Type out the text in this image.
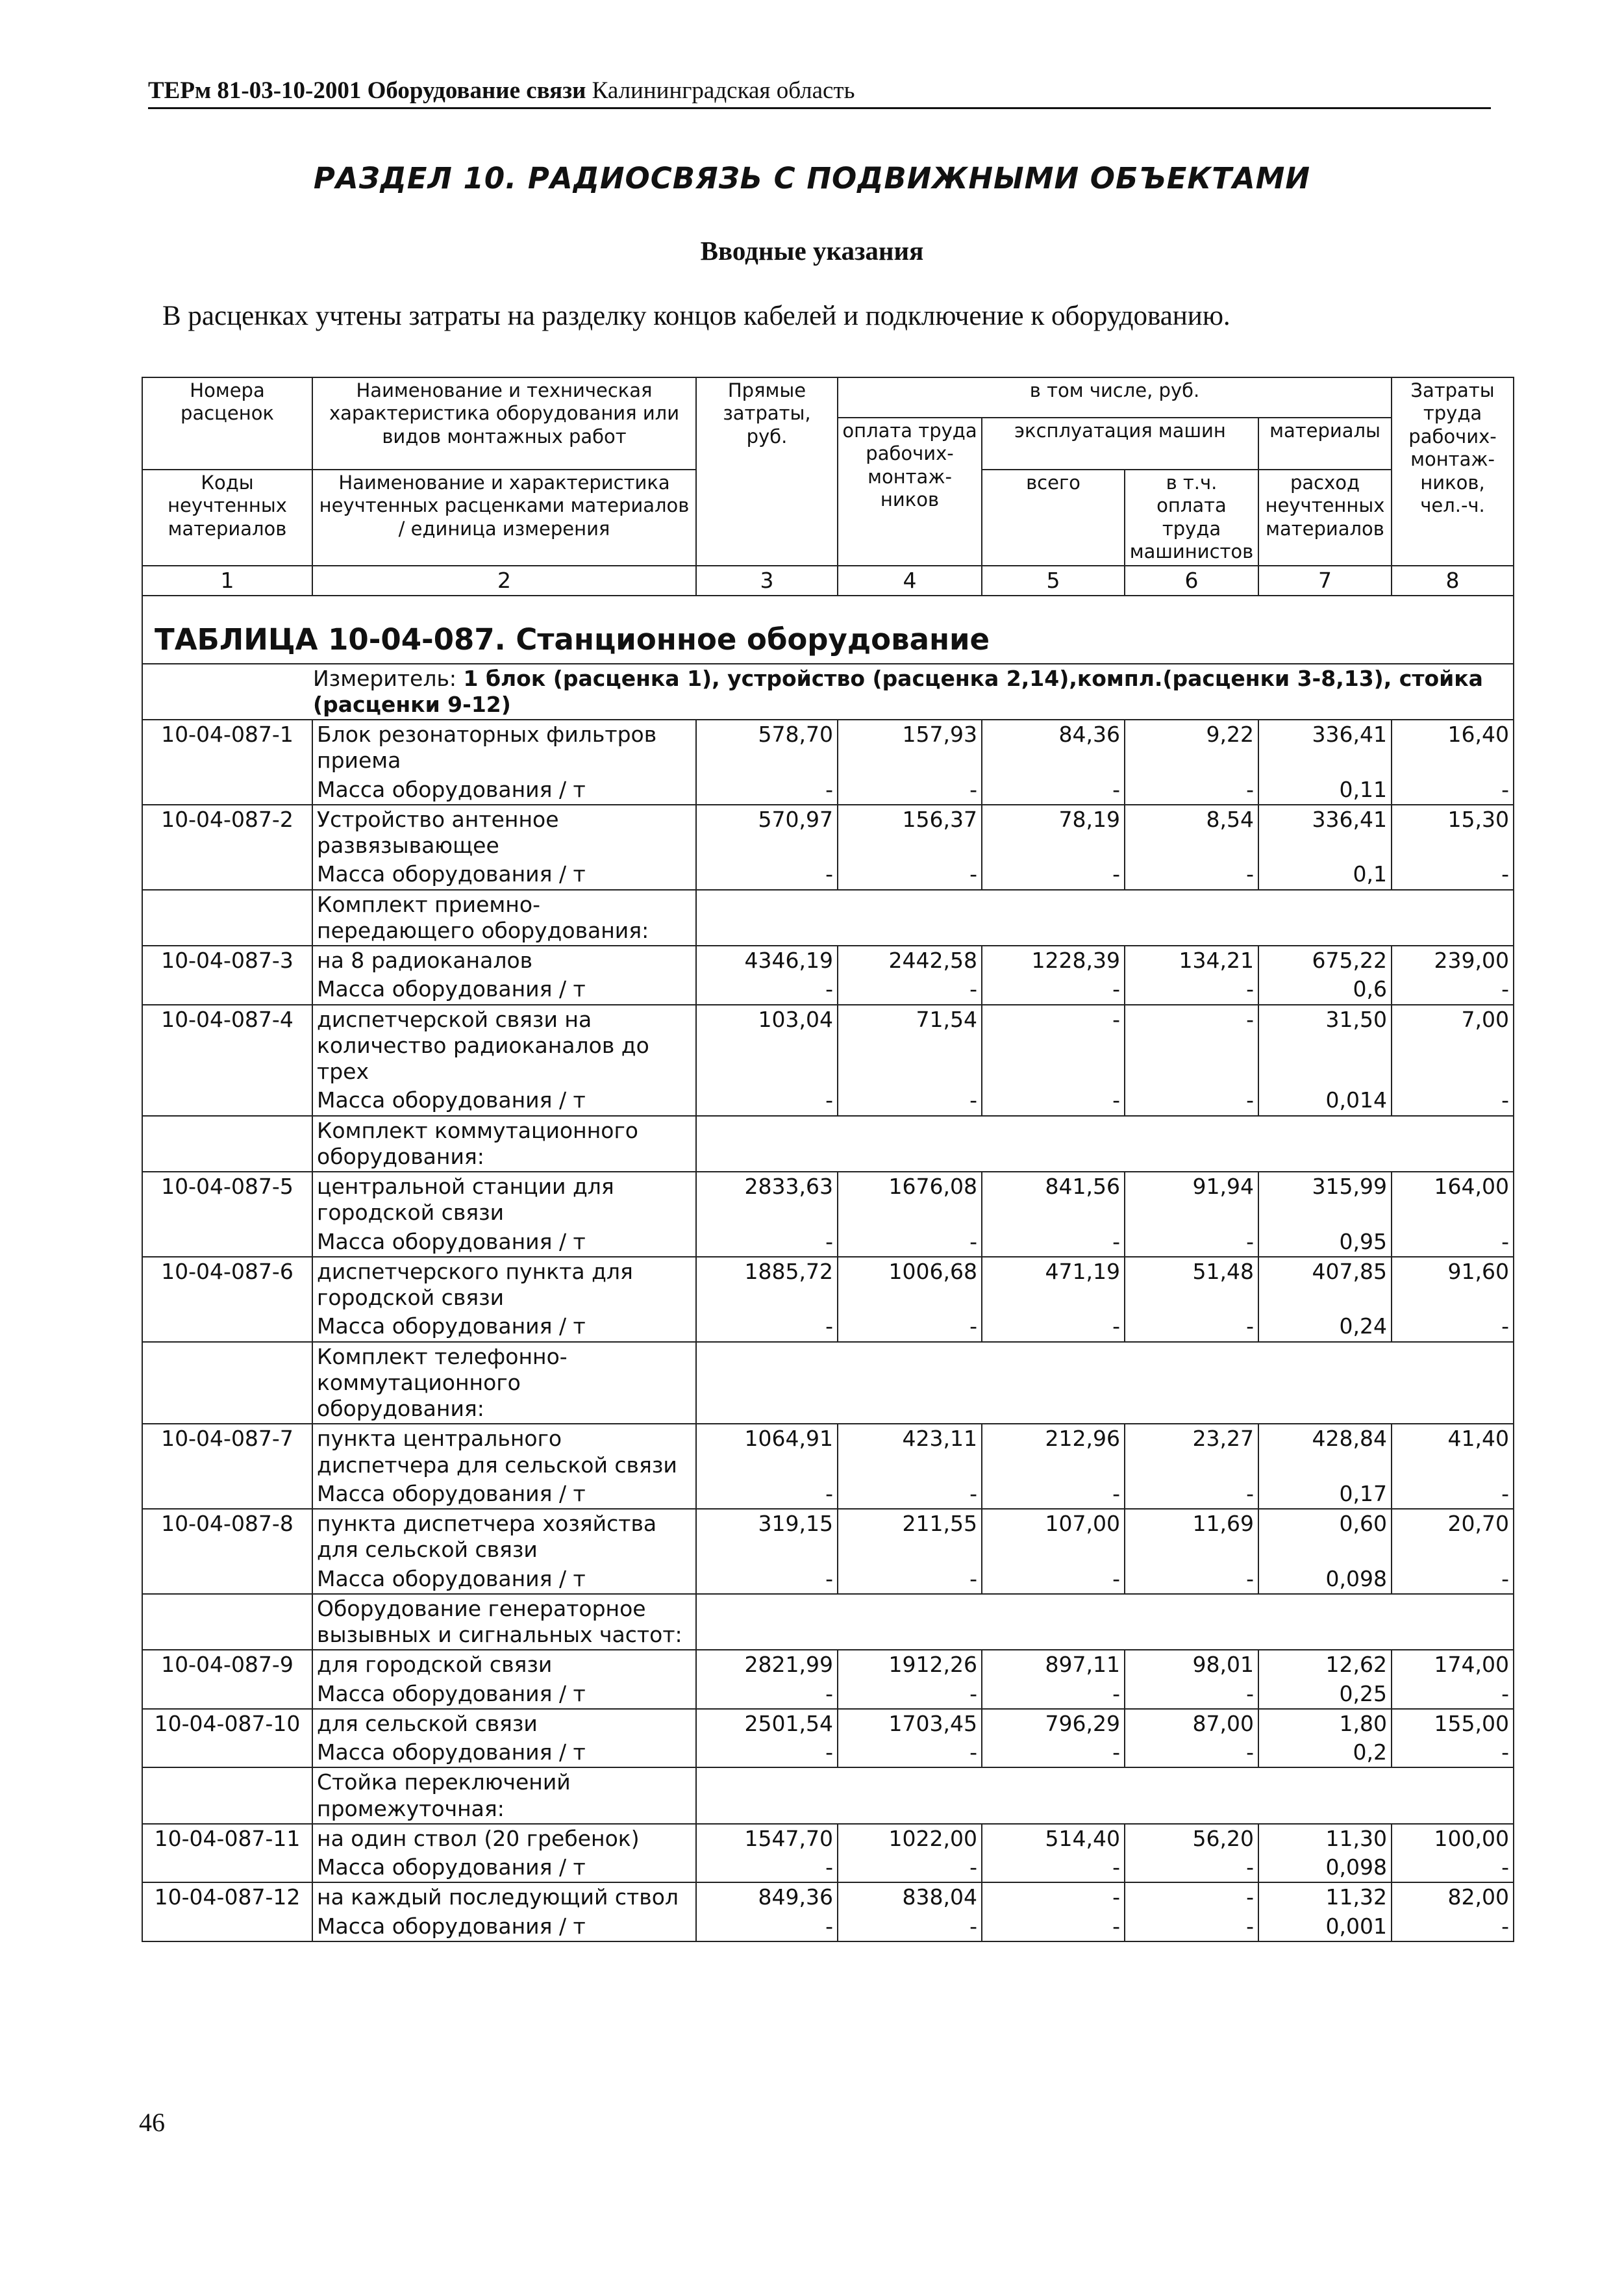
ТЕРм 81-03-10-2001 Оборудование связи Калининградская область
РАЗДЕЛ 10. РАДИОСВЯЗЬ С ПОДВИЖНЫМИ ОБЪЕКТАМИ
Вводные указания
В расценках учтены затраты на разделку концов кабелей и подключение к оборудованию.
Номера расценок	Наименование и техническая характеристика оборудования или видов монтажных работ	Прямые затраты, руб.	в том числе, руб.				Затраты труда рабочих-монтаж-ников, чел.-ч.
			оплата труда рабочих-монтаж-ников	эксплуатация машин		материалы	
Коды неучтенных материалов	Наименование и характеристика неучтенных расценками материалов / единица измерения			всего	в т.ч. оплата труда машинистов	расход неучтенных материалов	

1	2	3	4	5	6	7	8
ТАБЛИЦА 10-04-087. Станционное оборудование							
Измеритель: 1 блок (расценка 1), устройство (расценка 2,14),компл.(расценки 3-8,13), стойка (расценки 9-12)							
10-04-087-1	Блок резонаторных фильтров приема	578,70	157,93	84,36	9,22	336,41	16,40
	Масса оборудования / т	-	-	-	-	0,11	-
10-04-087-2	Устройство антенное развязывающее	570,97	156,37	78,19	8,54	336,41	15,30
	Масса оборудования / т	-	-	-	-	0,1	-
	Комплект приемно-передающего оборудования:						
10-04-087-3	на 8 радиоканалов	4346,19	2442,58	1228,39	134,21	675,22	239,00
	Масса оборудования / т	-	-	-	-	0,6	-
10-04-087-4	диспетчерской связи на количество радиоканалов до трех	103,04	71,54	-	-	31,50	7,00
	Масса оборудования / т	-	-	-	-	0,014	-
	Комплект коммутационного оборудования:						
10-04-087-5	центральной станции для городской связи	2833,63	1676,08	841,56	91,94	315,99	164,00
	Масса оборудования / т	-	-	-	-	0,95	-
10-04-087-6	диспетчерского пункта для городской связи	1885,72	1006,68	471,19	51,48	407,85	91,60
	Масса оборудования / т	-	-	-	-	0,24	-
	Комплект телефонно-коммутационного оборудования:						
10-04-087-7	пункта центрального диспетчера для сельской связи	1064,91	423,11	212,96	23,27	428,84	41,40
	Масса оборудования / т	-	-	-	-	0,17	-
10-04-087-8	пункта диспетчера хозяйства для сельской связи	319,15	211,55	107,00	11,69	0,60	20,70
	Масса оборудования / т	-	-	-	-	0,098	-
	Оборудование генераторное вызывных и сигнальных частот:						
10-04-087-9	для городской связи	2821,99	1912,26	897,11	98,01	12,62	174,00
	Масса оборудования / т	-	-	-	-	0,25	-
10-04-087-10	для сельской связи	2501,54	1703,45	796,29	87,00	1,80	155,00
	Масса оборудования / т	-	-	-	-	0,2	-
	Стойка переключений промежуточная:						
10-04-087-11	на один ствол (20 гребенок)	1547,70	1022,00	514,40	56,20	11,30	100,00
	Масса оборудования / т	-	-	-	-	0,098	-
10-04-087-12	на каждый последующий ствол	849,36	838,04	-	-	11,32	82,00
	Масса оборудования / т	-	-	-	-	0,001	-
46
